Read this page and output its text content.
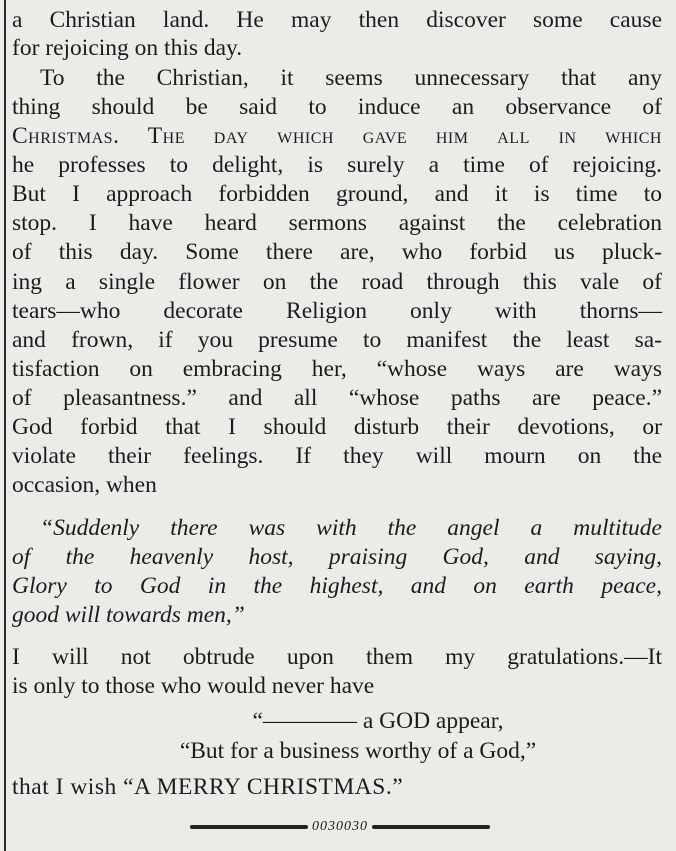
a Christian land. He may then discover some cause
for rejoicing on this day.
To the Christian, it seems unnecessary that any
thing should be said to induce an observance of
Christmas. The day which gave him all in which
he professes to delight, is surely a time of rejoicing.
But I approach forbidden ground, and it is time to
stop. I have heard sermons against the celebration
of this day. Some there are, who forbid us pluck-
ing a single flower on the road through this vale of
tears—who decorate Religion only with thorns—
and frown, if you presume to manifest the least sa-
tisfaction on embracing her, “whose ways are ways
of pleasantness.” and all “whose paths are peace.”
God forbid that I should disturb their devotions, or
violate their feelings. If they will mourn on the
occasion, when
“Suddenly there was with the angel a multitude
of the heavenly host, praising God, and saying,
Glory to God in the highest, and on earth peace,
good will towards men,”
I will not obtrude upon them my gratulations.—It
is only to those who would never have
“———— a GOD appear,
“But for a business worthy of a God,”
that I wish “A MERRY CHRISTMAS.”
0030030
